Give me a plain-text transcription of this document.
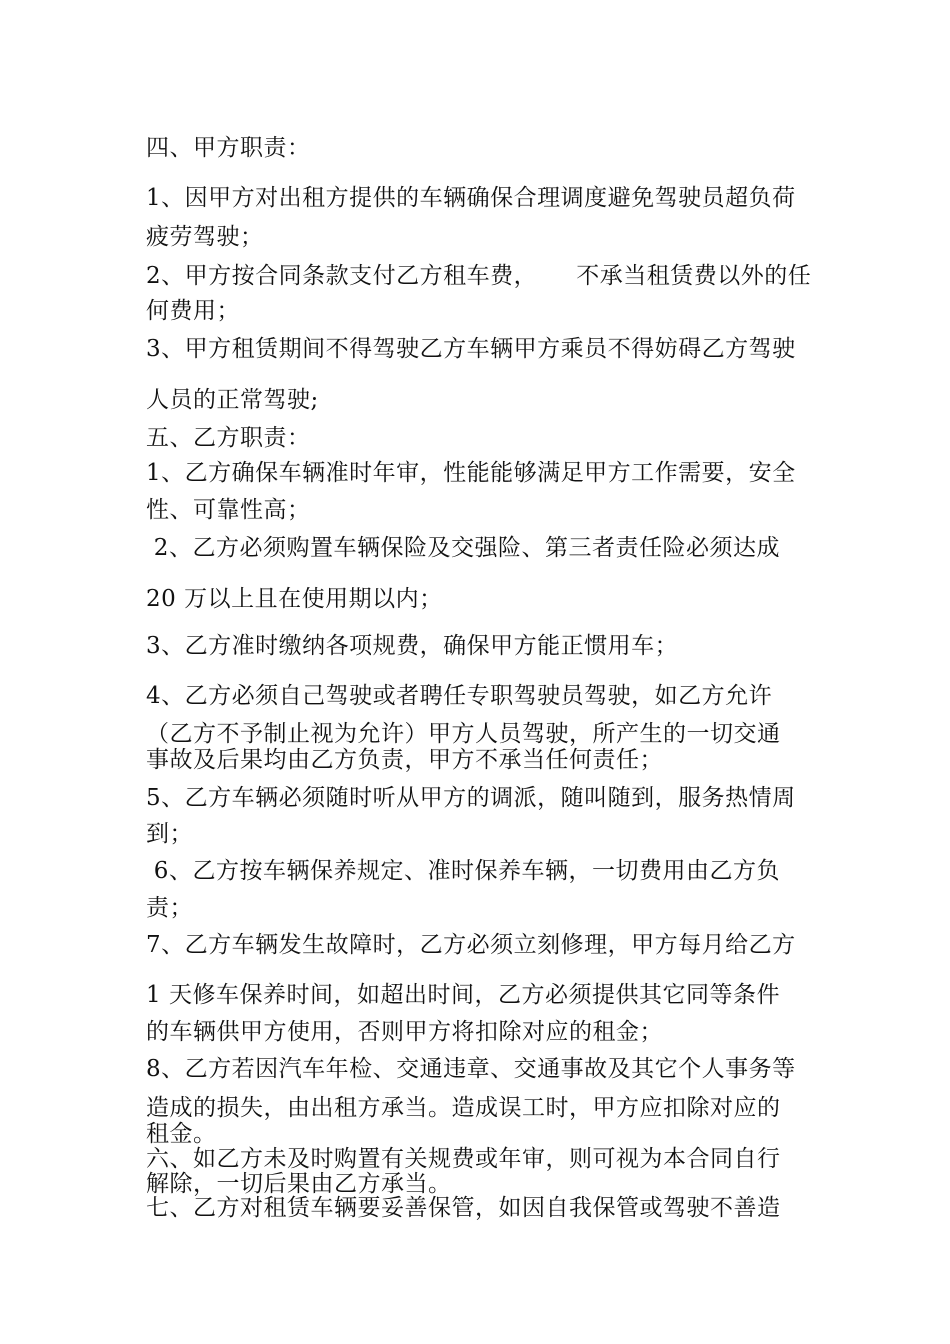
四、甲方职责：
1、因甲方对出租方提供的车辆确保合理调度避免驾驶员超负荷
疲劳驾驶；
2、甲方按合同条款支付乙方租车费，     不承当租赁费以外的任
何费用；
3、甲方租赁期间不得驾驶乙方车辆甲方乘员不得妨碍乙方驾驶
人员的正常驾驶;
五、乙方职责：
1、乙方确保车辆准时年审，性能能够满足甲方工作需要，安全
性、可靠性高；
2、乙方必须购置车辆保险及交强险、第三者责任险必须达成
20 万以上且在使用期以内；
3、乙方准时缴纳各项规费，确保甲方能正惯用车；
4、乙方必须自己驾驶或者聘任专职驾驶员驾驶，如乙方允许
（乙方不予制止视为允许）甲方人员驾驶，所产生的一切交通
事故及后果均由乙方负责，甲方不承当任何责任；
5、乙方车辆必须随时听从甲方的调派，随叫随到，服务热情周
到；
6、乙方按车辆保养规定、准时保养车辆，一切费用由乙方负
责；
7、乙方车辆发生故障时，乙方必须立刻修理，甲方每月给乙方
1 天修车保养时间，如超出时间，乙方必须提供其它同等条件
的车辆供甲方使用，否则甲方将扣除对应的租金；
8、乙方若因汽车年检、交通违章、交通事故及其它个人事务等
造成的损失，由出租方承当。造成误工时，甲方应扣除对应的
租金。
六、如乙方未及时购置有关规费或年审，则可视为本合同自行
解除，一切后果由乙方承当。
七、乙方对租赁车辆要妥善保管，如因自我保管或驾驶不善造
